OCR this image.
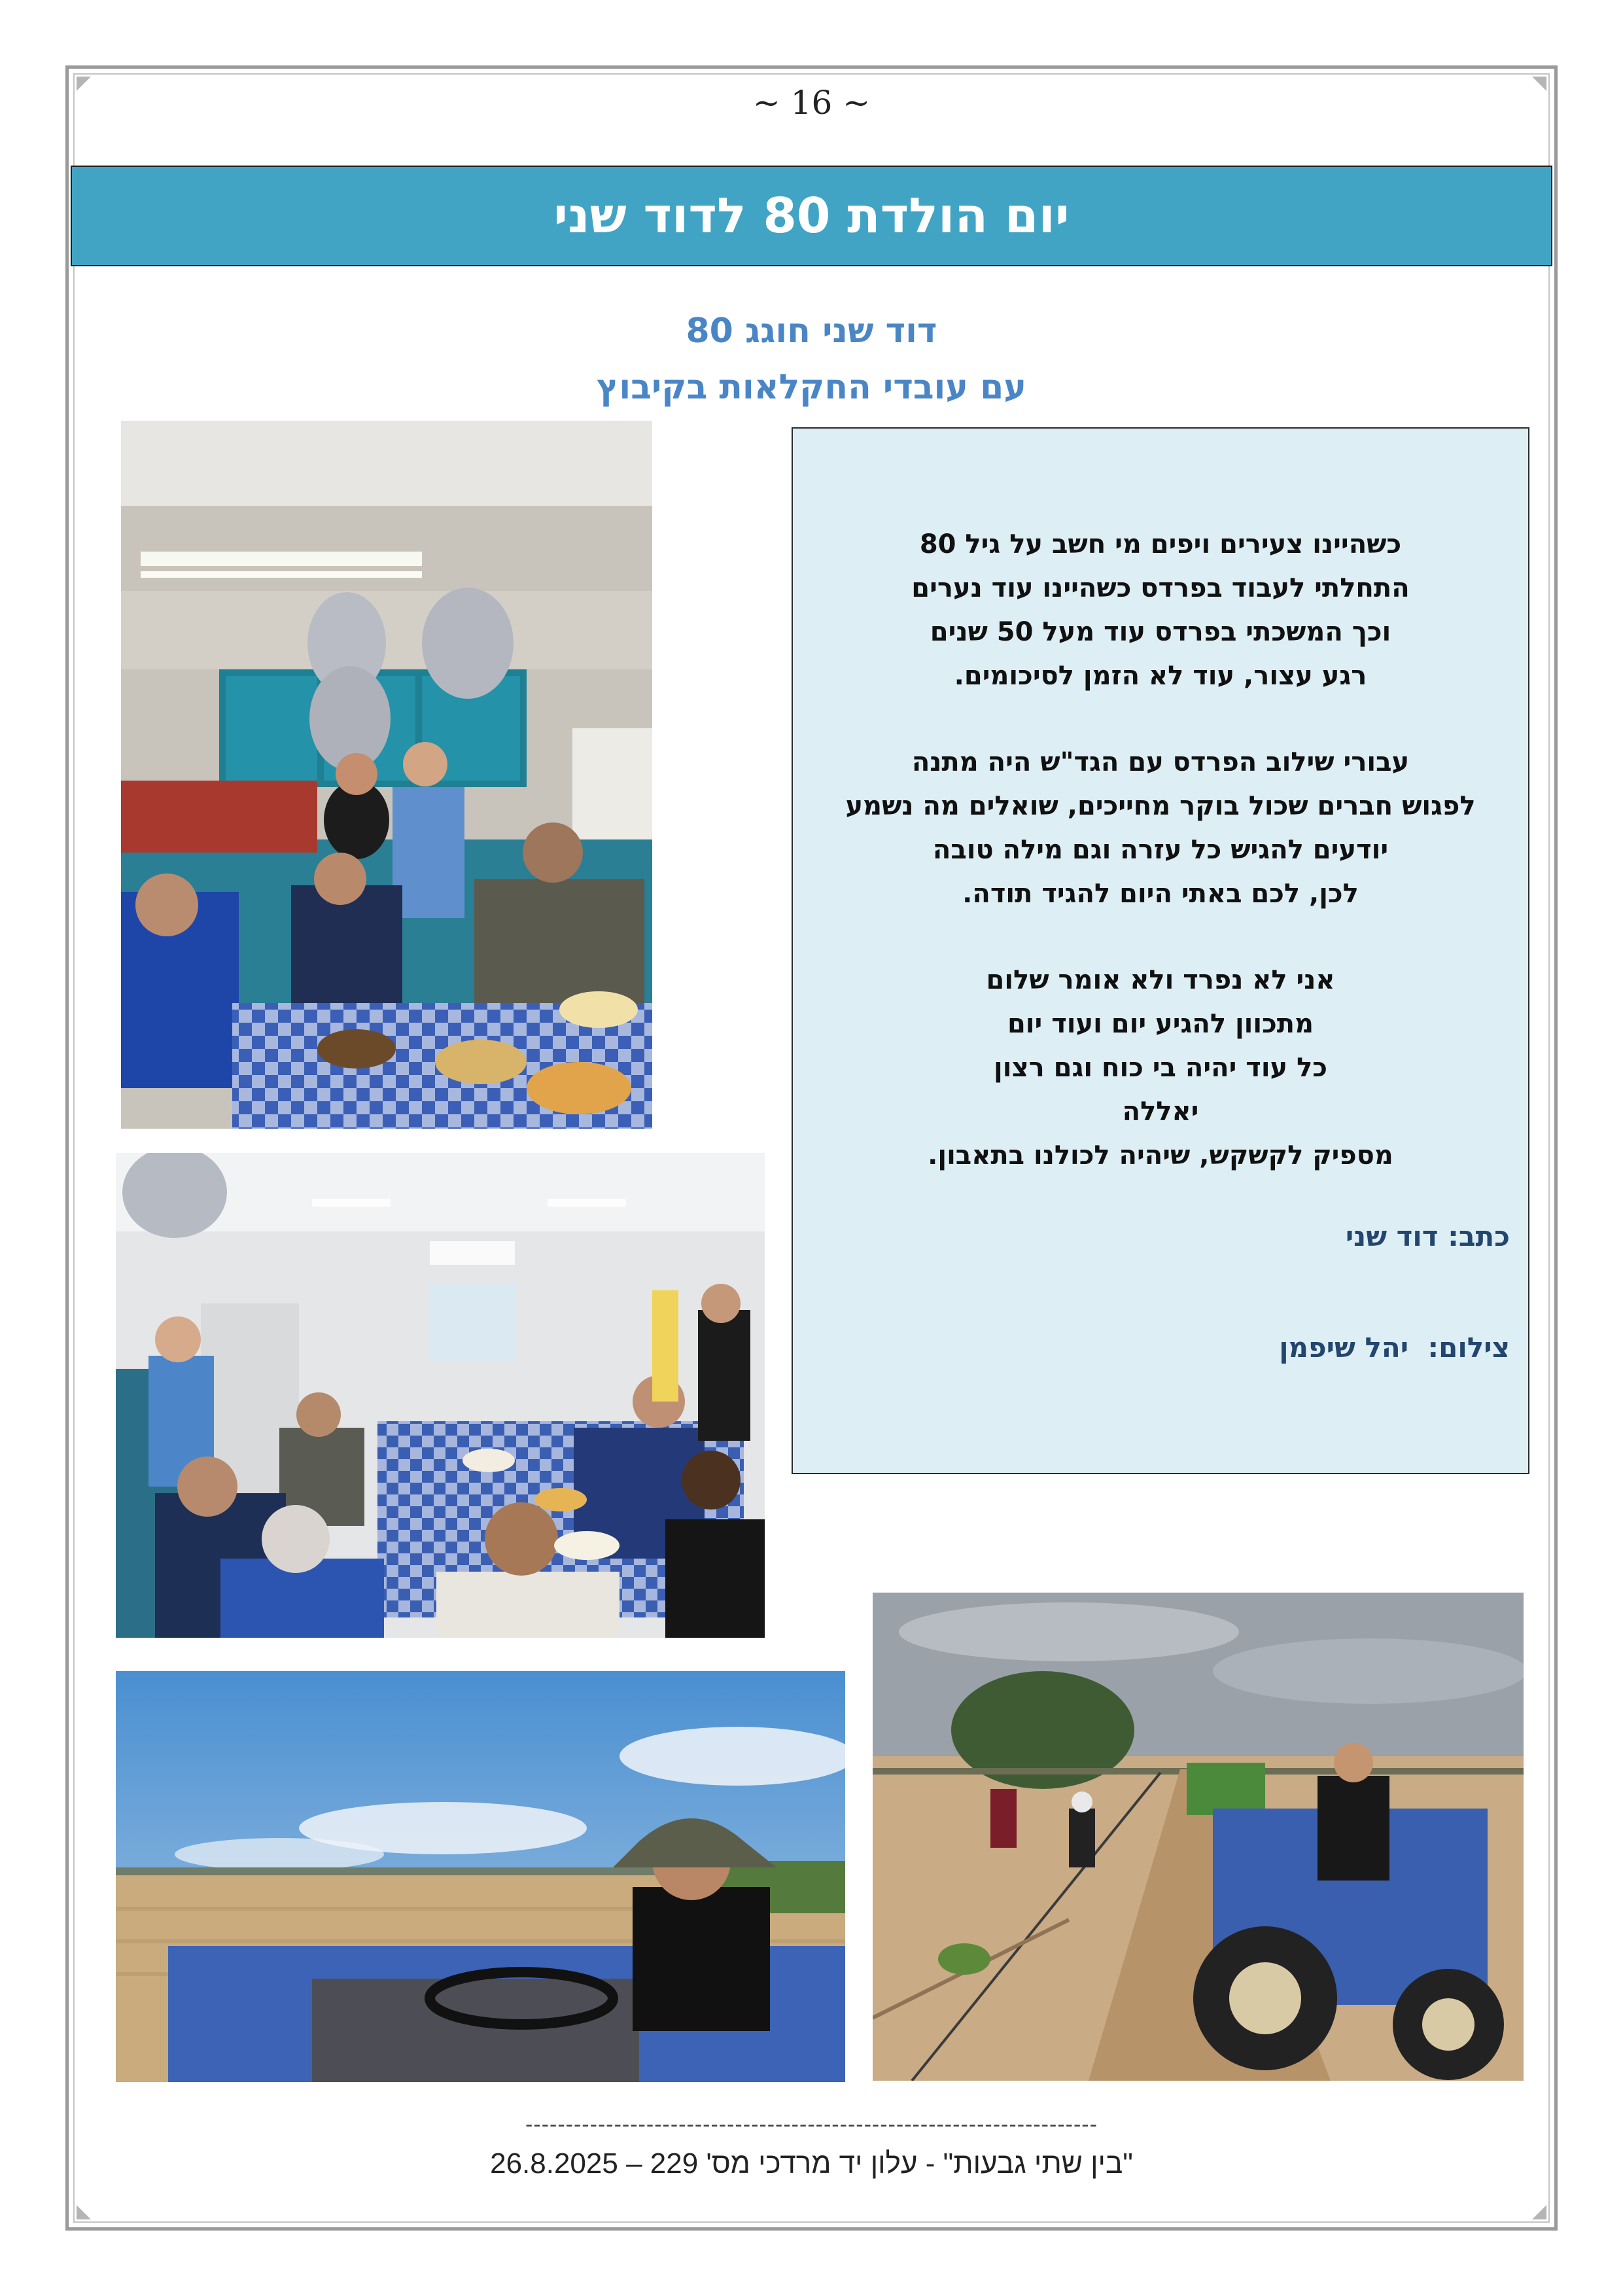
~ 16 ~
יום הולדת 80 לדוד שני
דוד שני חוגג 80
עם עובדי החקלאות בקיבוץ

כשהיינו צעירים ויפים מי חשב על גיל 80

התחלתי לעבוד בפרדס כשהיינו עוד נערים

וכך המשכתי בפרדס עוד מעל 50 שנים

רגע עצור, עוד לא הזמן לסיכומים.

עבורי שילוב הפרדס עם הגד"ש היה מתנה

לפגוש חברים שכול בוקר מחייכים, שואלים מה נשמע

יודעים להגיש כל עזרה וגם מילה טובה

לכן, לכם באתי היום להגיד תודה.

אני לא נפרד ולא אומר שלום

מתכוון להגיע יום ועוד יום

כל עוד יהיה בי כוח וגם רצון

יאללה

מספיק לקשקש, שיהיה לכולנו בתאבון.

כתב: דוד שני
צילום:  יהל שיפמן
-----------------------------------------------------------------------
"בין שתי גבעות" - עלון יד מרדכי מס' 229 – 26.8.2025
